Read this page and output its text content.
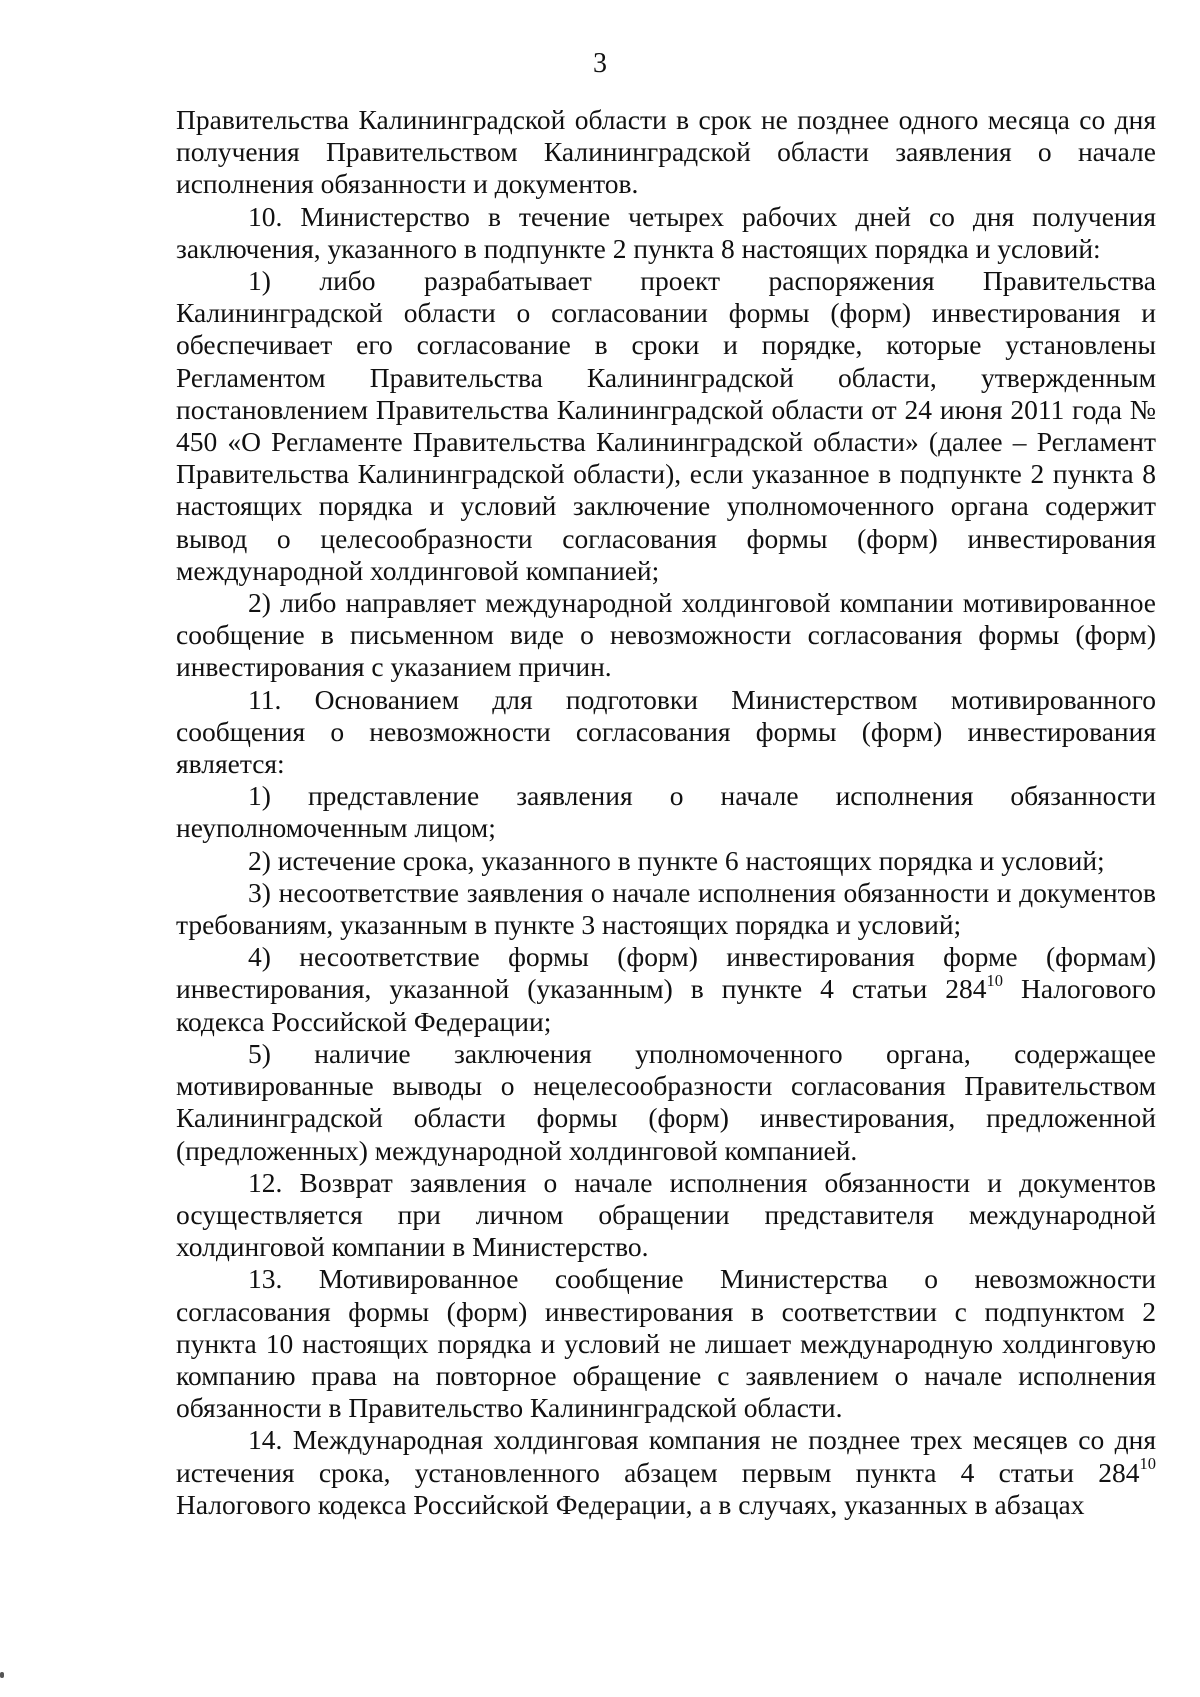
3

Правительства Калининградской области в срок не позднее одного месяца со дня получения Правительством Калининградской области заявления о начале исполнения обязанности и документов.

10. Министерство в течение четырех рабочих дней со дня получения заключения, указанного в подпункте 2 пункта 8 настоящих порядка и условий:

1) либо разрабатывает проект распоряжения Правительства Калининградской области о согласовании формы (форм) инвестирования и обеспечивает его согласование в сроки и порядке, которые установлены Регламентом Правительства Калининградской области, утвержденным постановлением Правительства Калининградской области от 24 июня 2011 года № 450 «О Регламенте Правительства Калининградской области» (далее – Регламент Правительства Калининградской области), если указанное в подпункте 2 пункта 8 настоящих порядка и условий заключение уполномоченного органа содержит вывод о целесообразности согласования формы (форм) инвестирования международной холдинговой компанией;

2) либо направляет международной холдинговой компании мотивированное сообщение в письменном виде о невозможности согласования формы (форм) инвестирования с указанием причин.

11. Основанием для подготовки Министерством мотивированного сообщения о невозможности согласования формы (форм) инвестирования является:

1) представление заявления о начале исполнения обязанности неуполномоченным лицом;

2) истечение срока, указанного в пункте 6 настоящих порядка и условий;

3) несоответствие заявления о начале исполнения обязанности и документов требованиям, указанным в пункте 3 настоящих порядка и условий;

4) несоответствие формы (форм) инвестирования форме (формам) инвестирования, указанной (указанным) в пункте 4 статьи $284^{10}$ Налогового кодекса Российской Федерации;

5) наличие заключения уполномоченного органа, содержащее мотивированные выводы о нецелесообразности согласования Правительством Калининградской области формы (форм) инвестирования, предложенной (предложенных) международной холдинговой компанией.

12. Возврат заявления о начале исполнения обязанности и документов осуществляется при личном обращении представителя международной холдинговой компании в Министерство.

13. Мотивированное сообщение Министерства о невозможности согласования формы (форм) инвестирования в соответствии с подпунктом 2 пункта 10 настоящих порядка и условий не лишает международную холдинговую компанию права на повторное обращение с заявлением о начале исполнения обязанности в Правительство Калининградской области.

14. Международная холдинговая компания не позднее трех месяцев со дня истечения срока, установленного абзацем первым пункта 4 статьи $284^{10}$ Налогового кодекса Российской Федерации, а в случаях, указанных в абзацах
